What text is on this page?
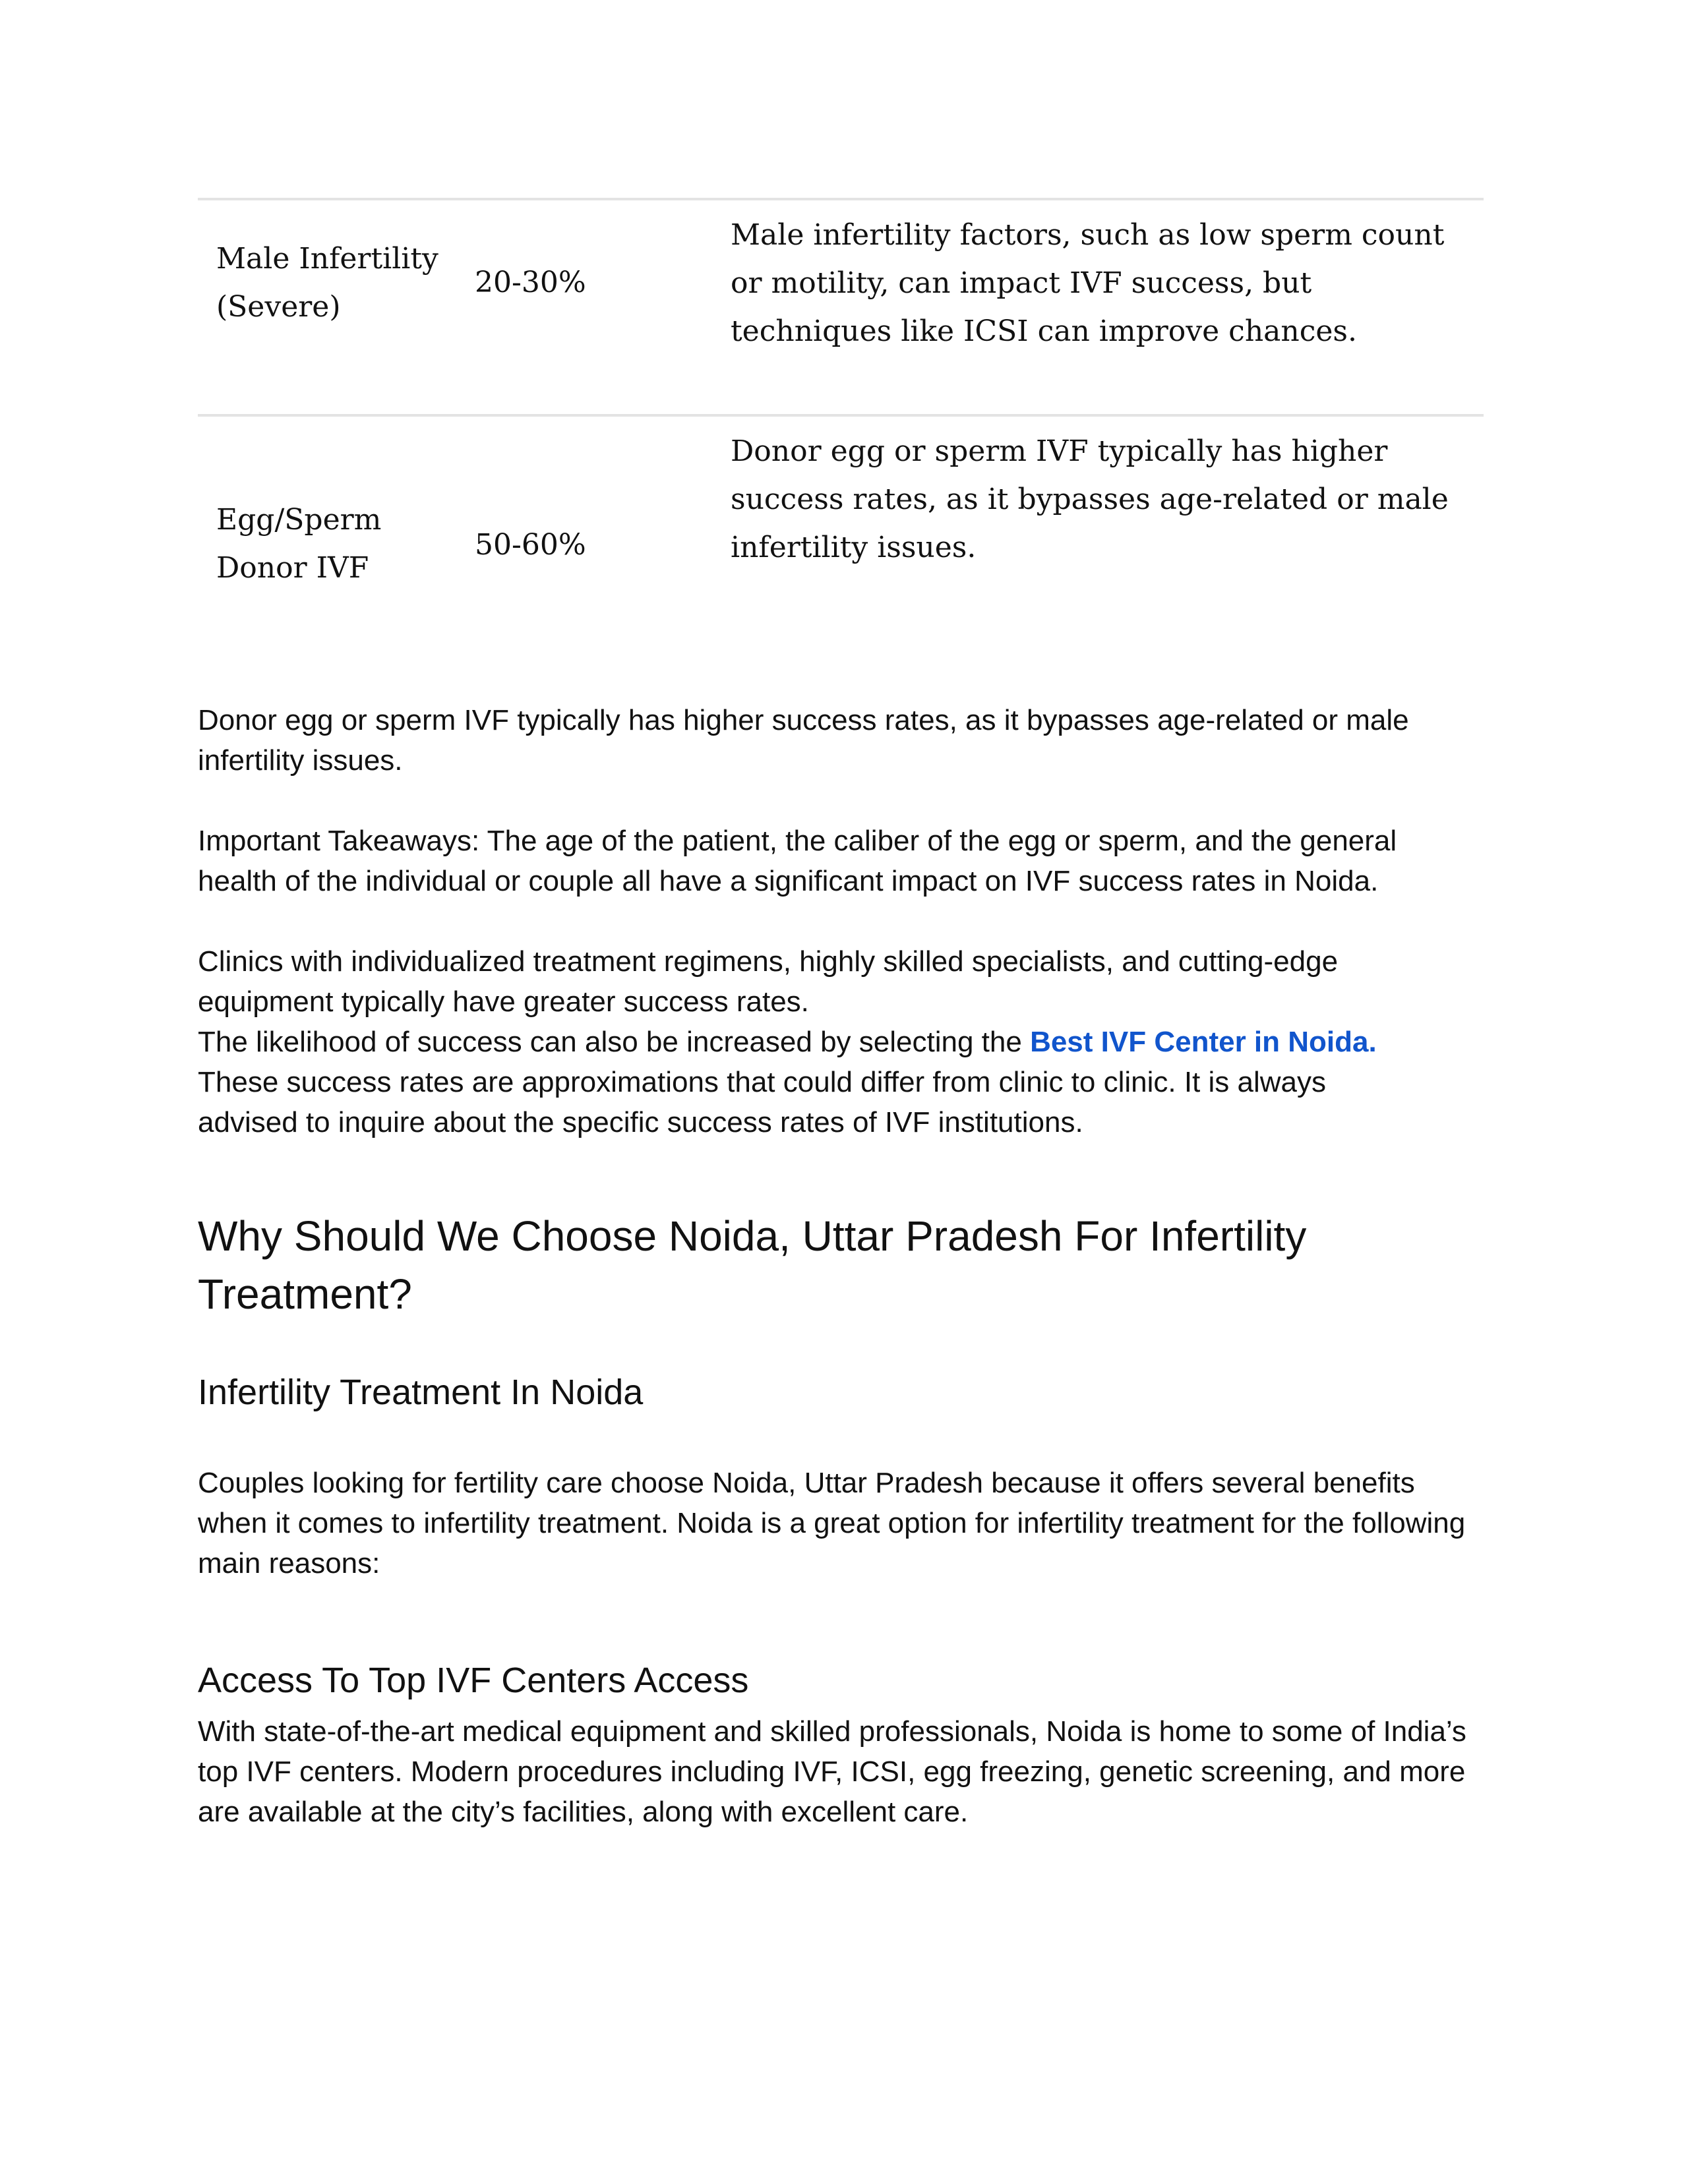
Male Infertility (Severe)

20-30%

Male infertility factors, such as low sperm count or motility, can impact IVF success, but techniques like ICSI can improve chances.

Egg/Sperm Donor IVF

50-60%

Donor egg or sperm IVF typically has higher success rates, as it bypasses age-related or male infertility issues.

Donor egg or sperm IVF typically has higher success rates, as it bypasses age-related or male infertility issues.

Important Takeaways: The age of the patient, the caliber of the egg or sperm, and the general health of the individual or couple all have a significant impact on IVF success rates in Noida.

Clinics with individualized treatment regimens, highly skilled specialists, and cutting-edge equipment typically have greater success rates.

The likelihood of success can also be increased by selecting the Best IVF Center in Noida.

These success rates are approximations that could differ from clinic to clinic. It is always advised to inquire about the specific success rates of IVF institutions.

Why Should We Choose Noida, Uttar Pradesh For Infertility Treatment?
Infertility Treatment In Noida

Couples looking for fertility care choose Noida, Uttar Pradesh because it offers several benefits when it comes to infertility treatment. Noida is a great option for infertility treatment for the following main reasons:

Access To Top IVF Centers Access

With state-of-the-art medical equipment and skilled professionals, Noida is home to some of India’s top IVF centers. Modern procedures including IVF, ICSI, egg freezing, genetic screening, and more are available at the city’s facilities, along with excellent care.
